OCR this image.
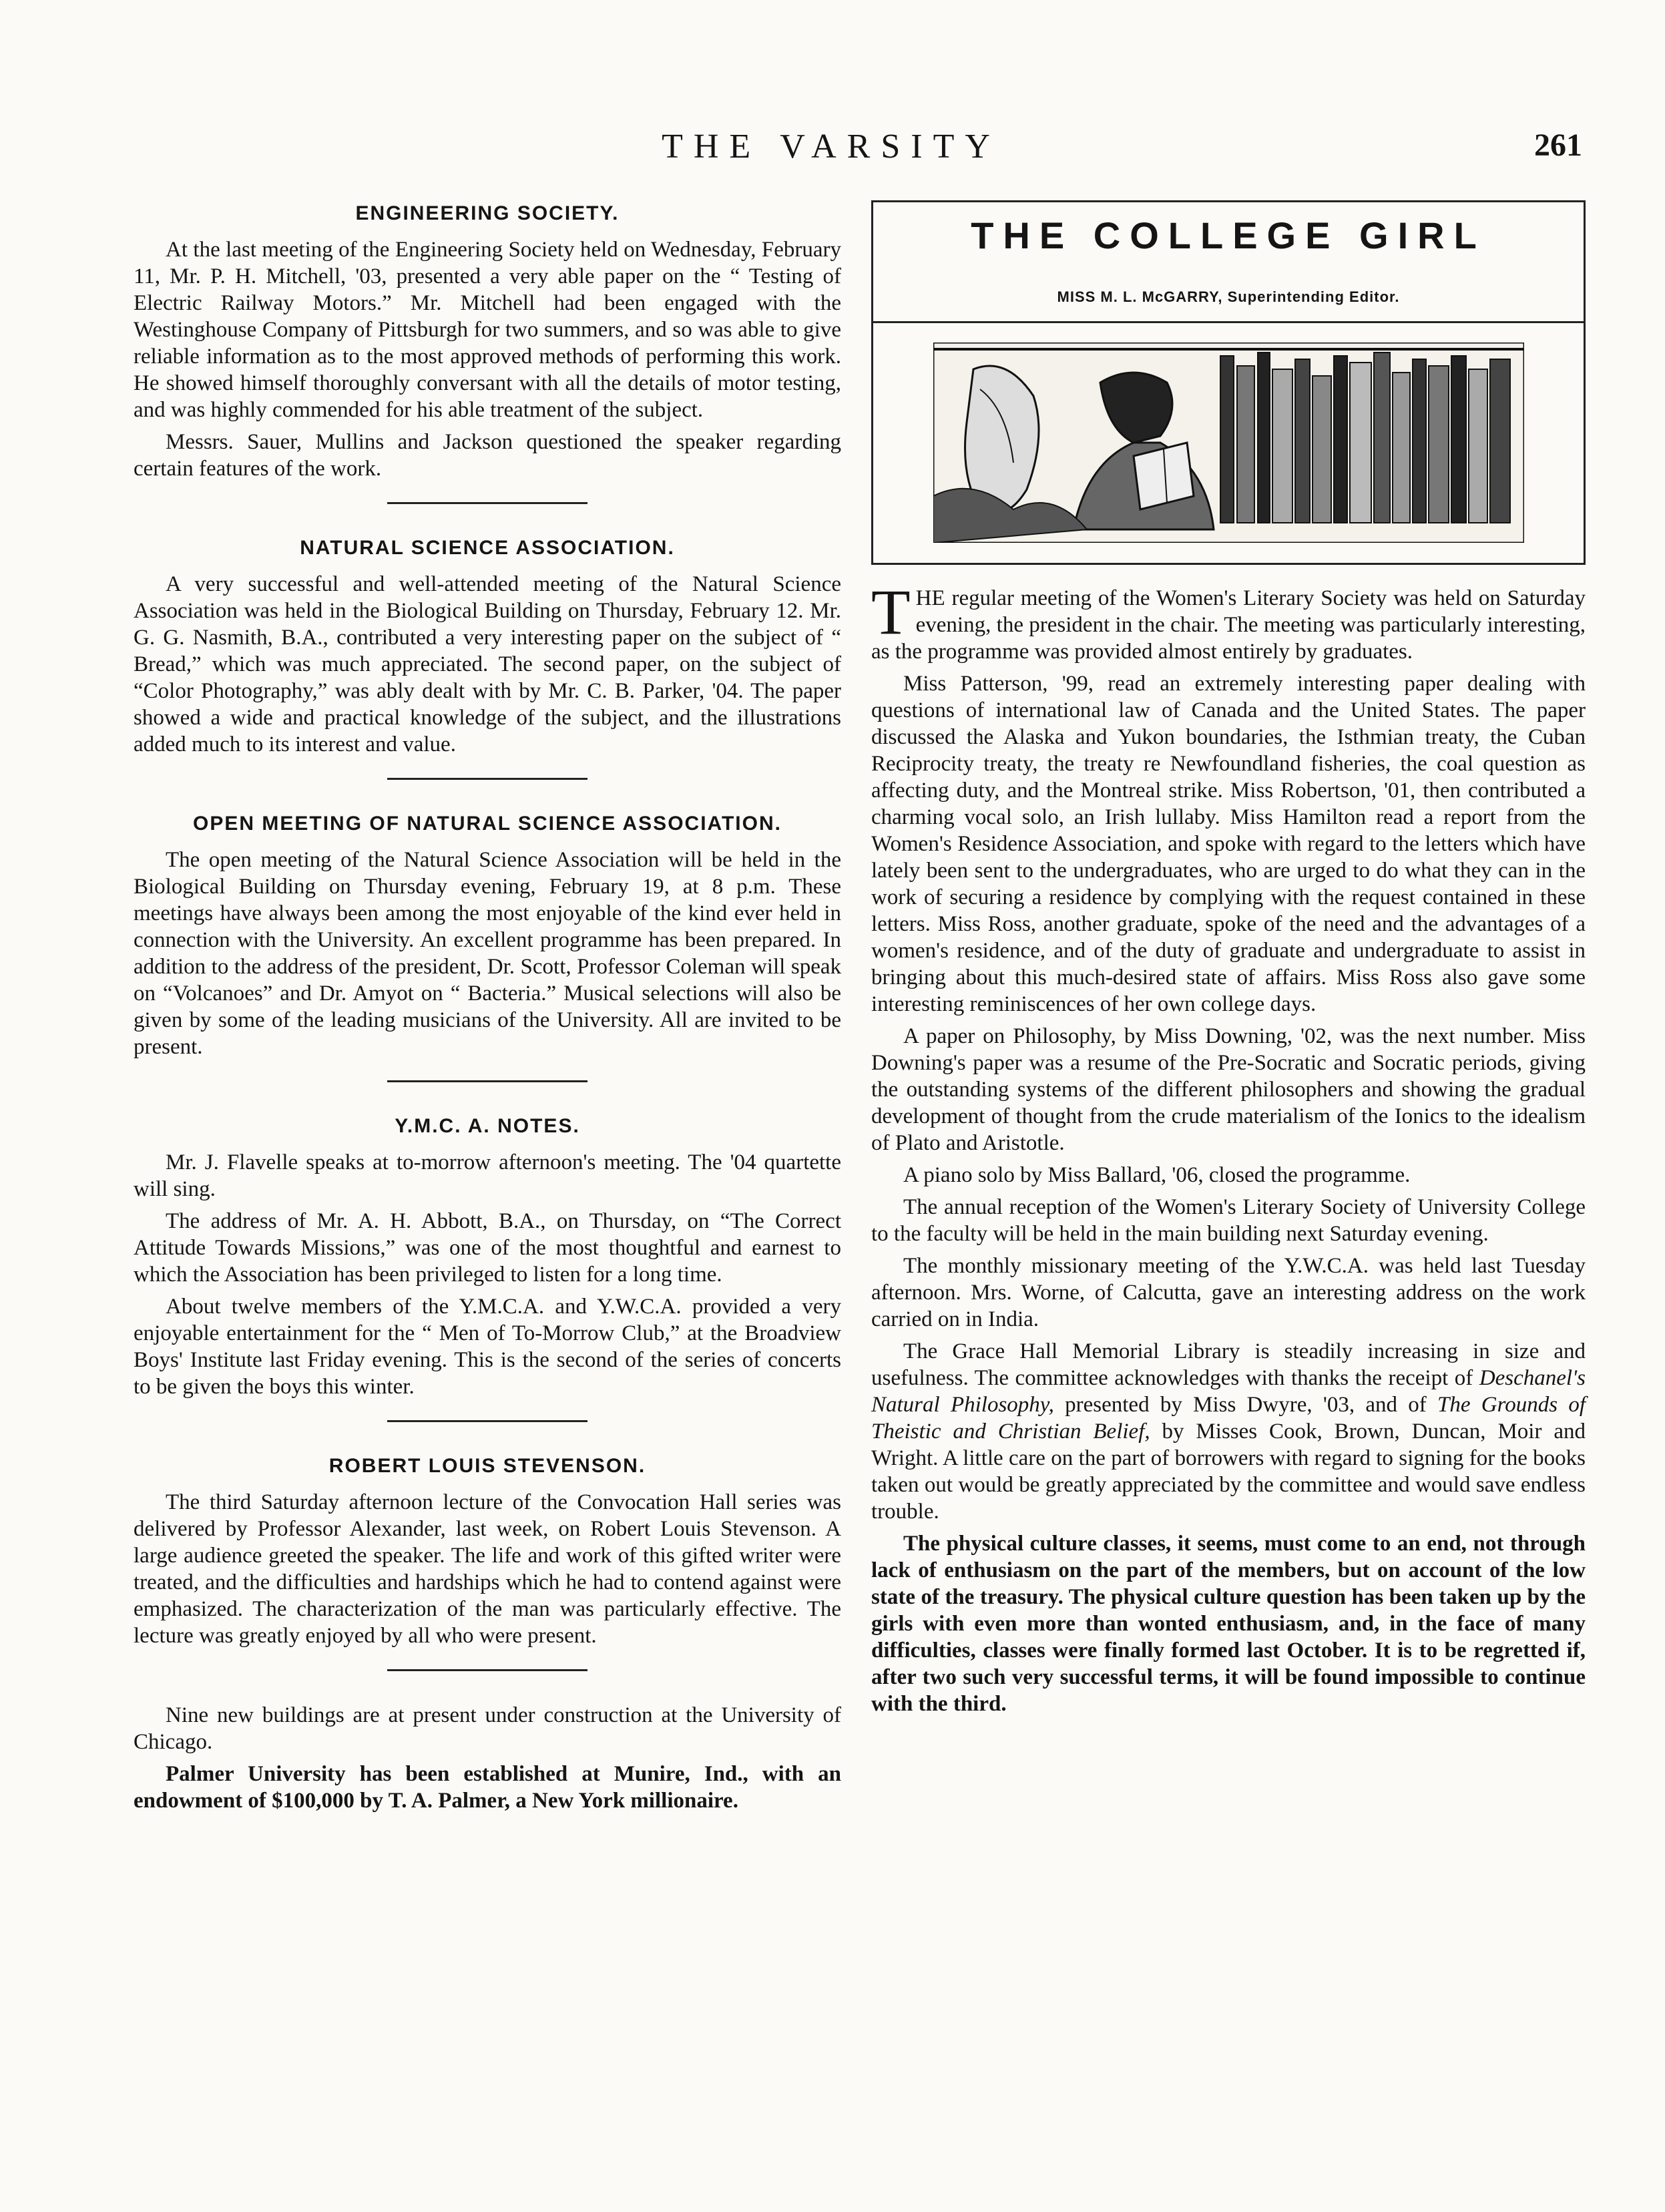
THE VARSITY	261
ENGINEERING SOCIETY.

At the last meeting of the Engineering Society held on Wednesday, February 11, Mr. P. H. Mitchell, '03, presented a very able paper on the “ Testing of Electric Railway Motors.” Mr. Mitchell had been engaged with the Westinghouse Company of Pittsburgh for two summers, and so was able to give reliable information as to the most approved methods of performing this work. He showed himself thoroughly conversant with all the details of motor testing, and was highly commended for his able treatment of the subject.

Messrs. Sauer, Mullins and Jackson questioned the speaker regarding certain features of the work.

NATURAL SCIENCE ASSOCIATION.

A very successful and well-attended meeting of the Natural Science Association was held in the Biological Building on Thursday, February 12. Mr. G. G. Nasmith, B.A., contributed a very interesting paper on the subject of “ Bread,” which was much appreciated. The second paper, on the subject of “Color Photography,” was ably dealt with by Mr. C. B. Parker, '04. The paper showed a wide and practical knowledge of the subject, and the illustrations added much to its interest and value.

OPEN MEETING OF NATURAL SCIENCE ASSOCIATION.

The open meeting of the Natural Science Association will be held in the Biological Building on Thursday evening, February 19, at 8 p.m. These meetings have always been among the most enjoyable of the kind ever held in connection with the University. An excellent programme has been prepared. In addition to the address of the president, Dr. Scott, Professor Coleman will speak on “Volcanoes” and Dr. Amyot on “ Bacteria.” Musical selections will also be given by some of the leading musicians of the University. All are invited to be present.

Y.M.C. A. NOTES.

Mr. J. Flavelle speaks at to-morrow afternoon's meeting. The '04 quartette will sing.

The address of Mr. A. H. Abbott, B.A., on Thursday, on “The Correct Attitude Towards Missions,” was one of the most thoughtful and earnest to which the Association has been privileged to listen for a long time.

About twelve members of the Y.M.C.A. and Y.W.C.A. provided a very enjoyable entertainment for the “ Men of To-Morrow Club,” at the Broadview Boys' Institute last Friday evening. This is the second of the series of concerts to be given the boys this winter.

ROBERT LOUIS STEVENSON.

The third Saturday afternoon lecture of the Convocation Hall series was delivered by Professor Alexander, last week, on Robert Louis Stevenson. A large audience greeted the speaker. The life and work of this gifted writer were treated, and the difficulties and hardships which he had to contend against were emphasized. The characterization of the man was particularly effective. The lecture was greatly enjoyed by all who were present.

Nine new buildings are at present under construction at the University of Chicago.

Palmer University has been established at Munire, Ind., with an endowment of $100,000 by T. A. Palmer, a New York millionaire.

THE COLLEGE GIRL
MISS M. L. McGARRY, Superintending Editor.

THE regular meeting of the Women's Literary Society was held on Saturday evening, the president in the chair. The meeting was particularly interesting, as the programme was provided almost entirely by graduates.

Miss Patterson, '99, read an extremely interesting paper dealing with questions of international law of Canada and the United States. The paper discussed the Alaska and Yukon boundaries, the Isthmian treaty, the Cuban Reciprocity treaty, the treaty re Newfoundland fisheries, the coal question as affecting duty, and the Montreal strike. Miss Robertson, '01, then contributed a charming vocal solo, an Irish lullaby. Miss Hamilton read a report from the Women's Residence Association, and spoke with regard to the letters which have lately been sent to the undergraduates, who are urged to do what they can in the work of securing a residence by complying with the request contained in these letters. Miss Ross, another graduate, spoke of the need and the advantages of a women's residence, and of the duty of graduate and undergraduate to assist in bringing about this much-desired state of affairs. Miss Ross also gave some interesting reminiscences of her own college days.

A paper on Philosophy, by Miss Downing, '02, was the next number. Miss Downing's paper was a resume of the Pre-Socratic and Socratic periods, giving the outstanding systems of the different philosophers and showing the gradual development of thought from the crude materialism of the Ionics to the idealism of Plato and Aristotle.

A piano solo by Miss Ballard, '06, closed the programme.

The annual reception of the Women's Literary Society of University College to the faculty will be held in the main building next Saturday evening.

The monthly missionary meeting of the Y.W.C.A. was held last Tuesday afternoon. Mrs. Worne, of Calcutta, gave an interesting address on the work carried on in India.

The Grace Hall Memorial Library is steadily increasing in size and usefulness. The committee acknowledges with thanks the receipt of Deschanel's Natural Philosophy, presented by Miss Dwyre, '03, and of The Grounds of Theistic and Christian Belief, by Misses Cook, Brown, Duncan, Moir and Wright. A little care on the part of borrowers with regard to signing for the books taken out would be greatly appreciated by the committee and would save endless trouble.

The physical culture classes, it seems, must come to an end, not through lack of enthusiasm on the part of the members, but on account of the low state of the treasury. The physical culture question has been taken up by the girls with even more than wonted enthusiasm, and, in the face of many difficulties, classes were finally formed last October. It is to be regretted if, after two such very successful terms, it will be found impossible to continue with the third.
